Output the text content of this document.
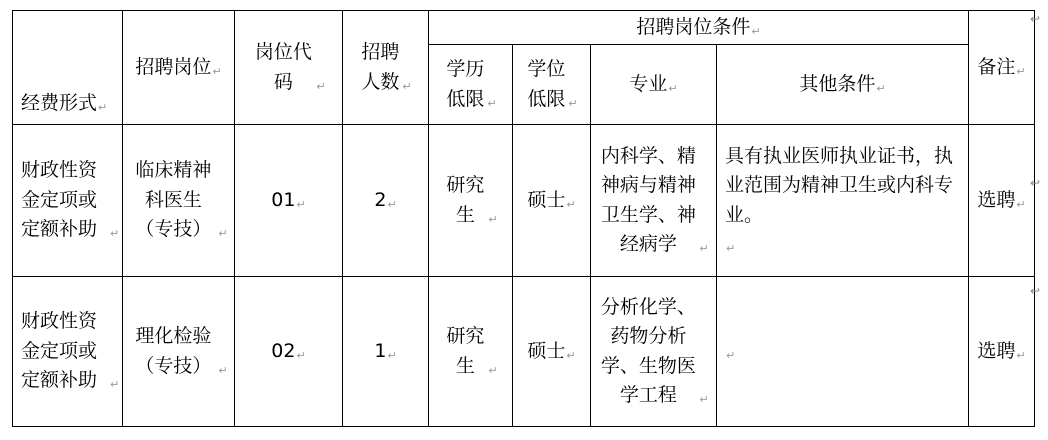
经费形式↵	招聘岗位↵	岗位代码 ↵	招聘人数 ↵	招聘岗位条件↵				备注↵
				学历低限 ↵	学位低限 ↵	专业↵	其他条件↵	
财政性资金定项或定额补助 ↵	临床精神科医生（专技） ↵	01↵	2↵	研究生 ↵	硕士↵	内科学、精神病与精神卫生学、神经病学 ↵	具有执业医师执业证书，执业范围为精神卫生或内科专业。↵	选聘↵
财政性资金定项或定额补助 ↵	理化检验（专技） ↵	02↵	1↵	研究生 ↵	硕士↵	分析化学、药物分析学、生物医学工程 ↵	↵	选聘↵
↩
↩
↩
